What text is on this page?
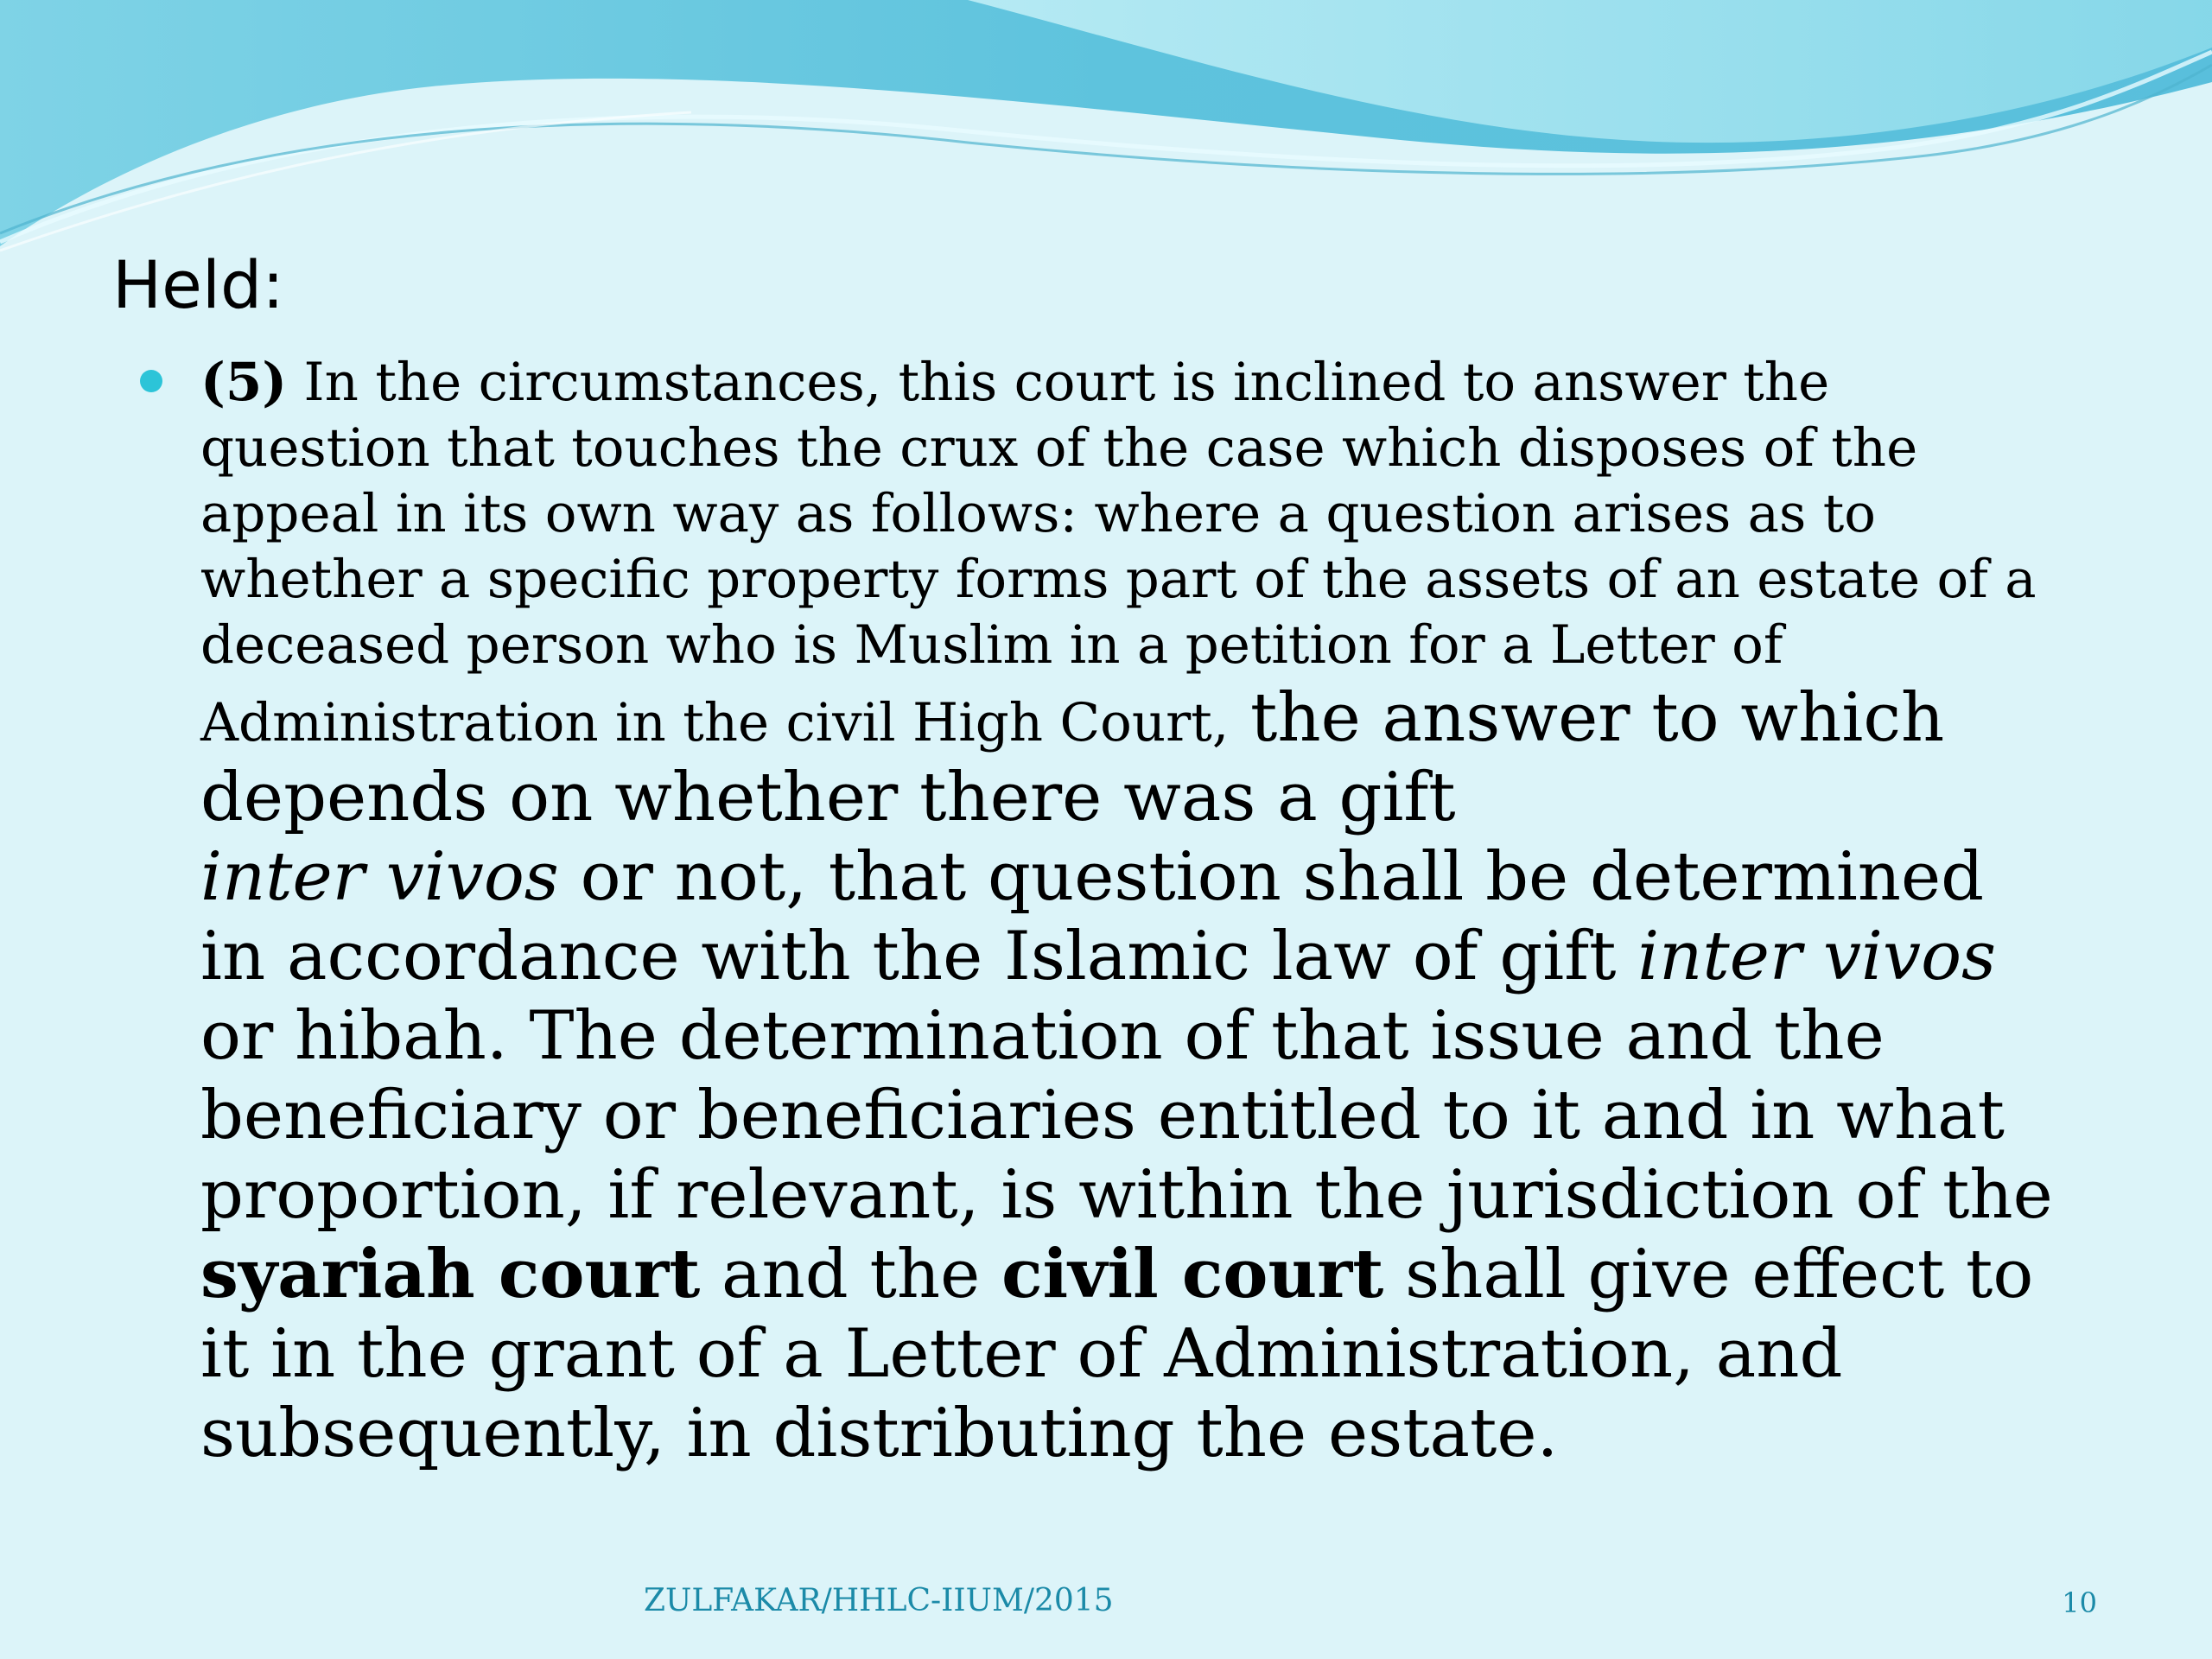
Held:

(5) In the circumstances, this court is inclined to answer the question that touches the crux of the case which disposes of the appeal in its own way as follows: where a question arises as to whether a specific property forms part of the assets of an estate of a deceased person who is Muslim in a petition for a Letter of Administration in the civil High Court, the answer to which depends on whether there was a gift

inter vivos or not, that question shall be determined in accordance with the Islamic law of gift inter vivos or hibah. The determination of that issue and the beneficiary or beneficiaries entitled to it and in what proportion, if relevant, is within the jurisdiction of the syariah court and the civil court shall give effect to it in the grant of a Letter of Administration, and subsequently, in distributing the estate.

ZULFAKAR/HHLC-IIUM/2015	10
